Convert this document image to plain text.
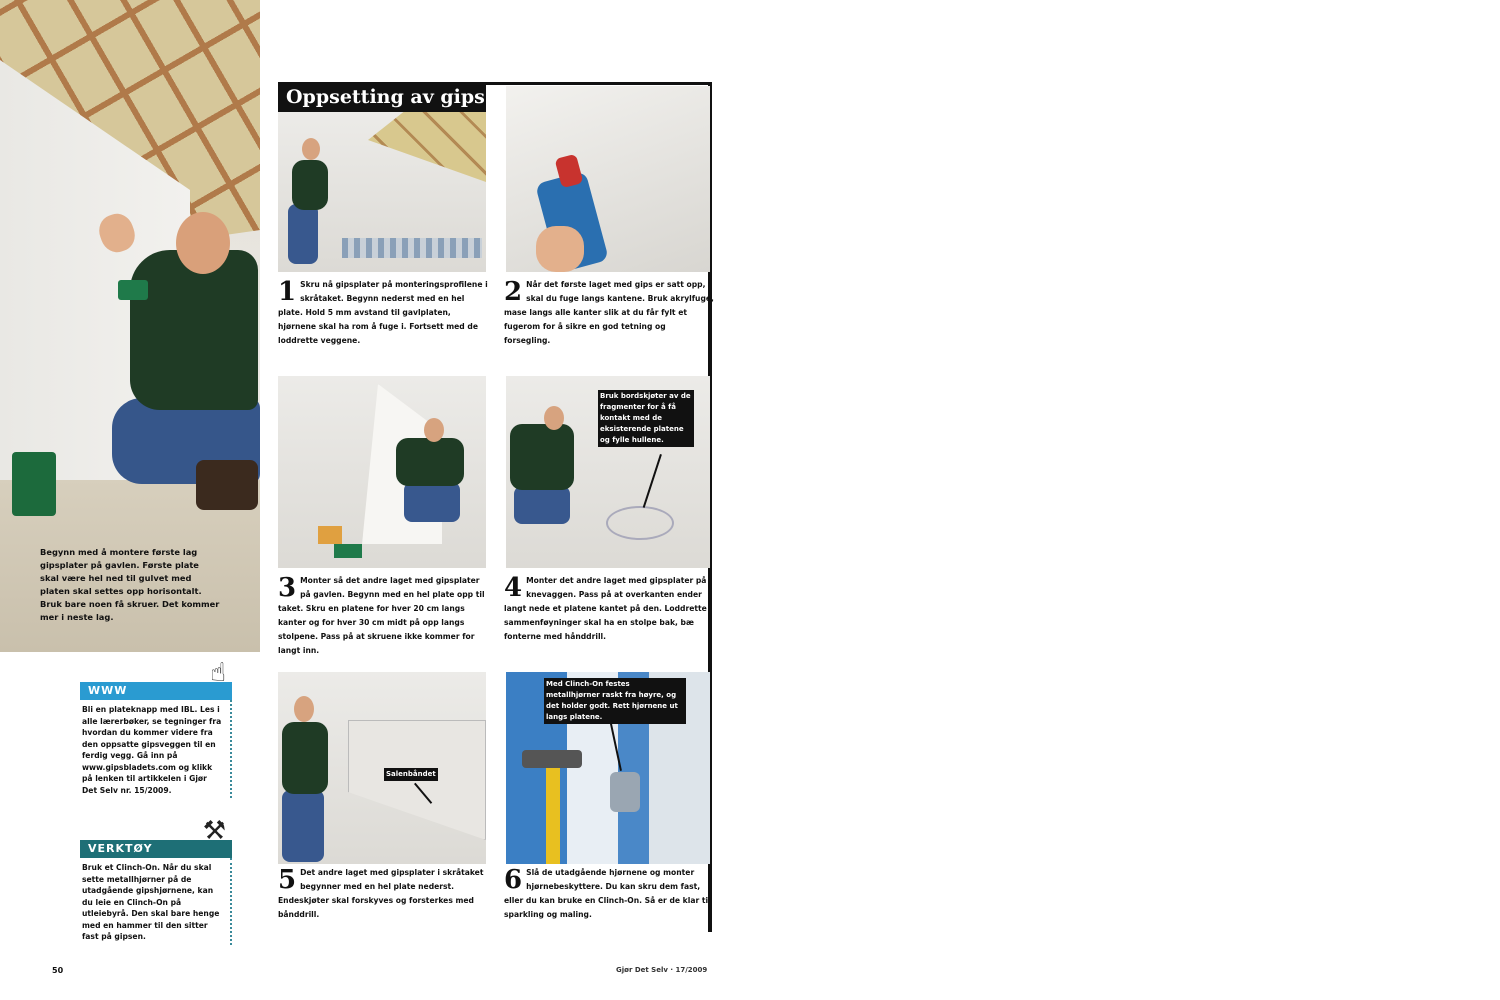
Begynn med å montere første lag gipsplater på gavlen. Første plate skal være hel ned til gulvet med platen skal settes opp horisontalt. Bruk bare noen få skruer. Det kommer mer i neste lag.
☝
WWW
Bli en plateknapp med IBL. Les i alle lærerbøker, se tegninger fra hvordan du kommer videre fra den oppsatte gipsveggen til en ferdig vegg. Gå inn på www.gipsbladets.com og klikk på lenken til artikkelen i Gjør Det Selv nr. 15/2009.
⚒
VERKTØY
Bruk et Clinch-On. Når du skal sette metallhjørner på de utadgående gipshjørnene, kan du leie en Clinch-On på utleiebyrå. Den skal bare henge med en hammer til den sitter fast på gipsen.
Oppsetting av gips
1 Skru nå gipsplater på monteringsprofilene i skråtaket. Begynn nederst med en hel plate. Hold 5 mm avstand til gavlplaten, hjørnene skal ha rom å fuge i. Fortsett med de loddrette veggene.
2 Når det første laget med gips er satt opp, skal du fuge langs kantene. Bruk akrylfuge, mase langs alle kanter slik at du får fylt et fugerom for å sikre en god tetning og forsegling.
3 Monter så det andre laget med gipsplater på gavlen. Begynn med en hel plate opp til taket. Skru en platene for hver 20 cm langs kanter og for hver 30 cm midt på opp langs stolpene. Pass på at skruene ikke kommer for langt inn.
Bruk bordskjøter av de fragmenter for å få kontakt med de eksisterende platene og fylle hullene.
4 Monter det andre laget med gipsplater på knevaggen. Pass på at overkanten ender langt nede et platene kantet på den. Loddrette sammenføyninger skal ha en stolpe bak, bæ fonterne med hånddrill.
Salenbåndet
5 Det andre laget med gipsplater i skråtaket begynner med en hel plate nederst. Endeskjøter skal forskyves og forsterkes med bånddrill.
Med Clinch-On festes metallhjørner raskt fra høyre, og det holder godt. Rett hjørnene ut langs platene.
6 Slå de utadgående hjørnene og monter hjørnebeskyttere. Du kan skru dem fast, eller du kan bruke en Clinch-On. Så er de klar til sparkling og maling.
50	Gjør Det Selv · 17/2009
